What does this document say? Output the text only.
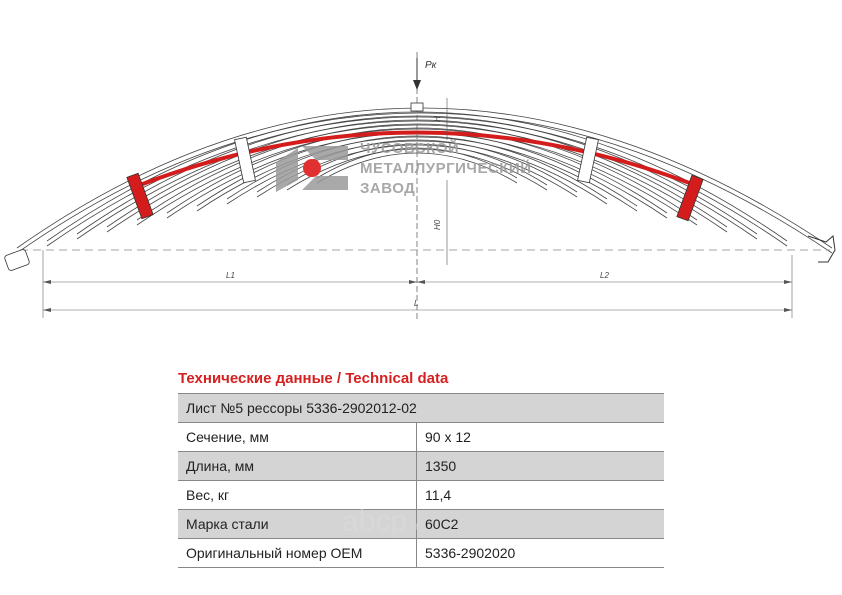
Pк
H
H0
L1	L2
L
ЧУСОВСКОЙ
МЕТАЛЛУРГИЧЕСКИЙ
ЗАВОД
Технические данные / Technical data
Лист №5 рессоры 5336-2902012-02	
Сечение, мм	90 x 12
Длина, мм	1350
Вес, кг	11,4
Марка стали	60С2
Оригинальный номер OEM	5336-2902020
abcp.ru
